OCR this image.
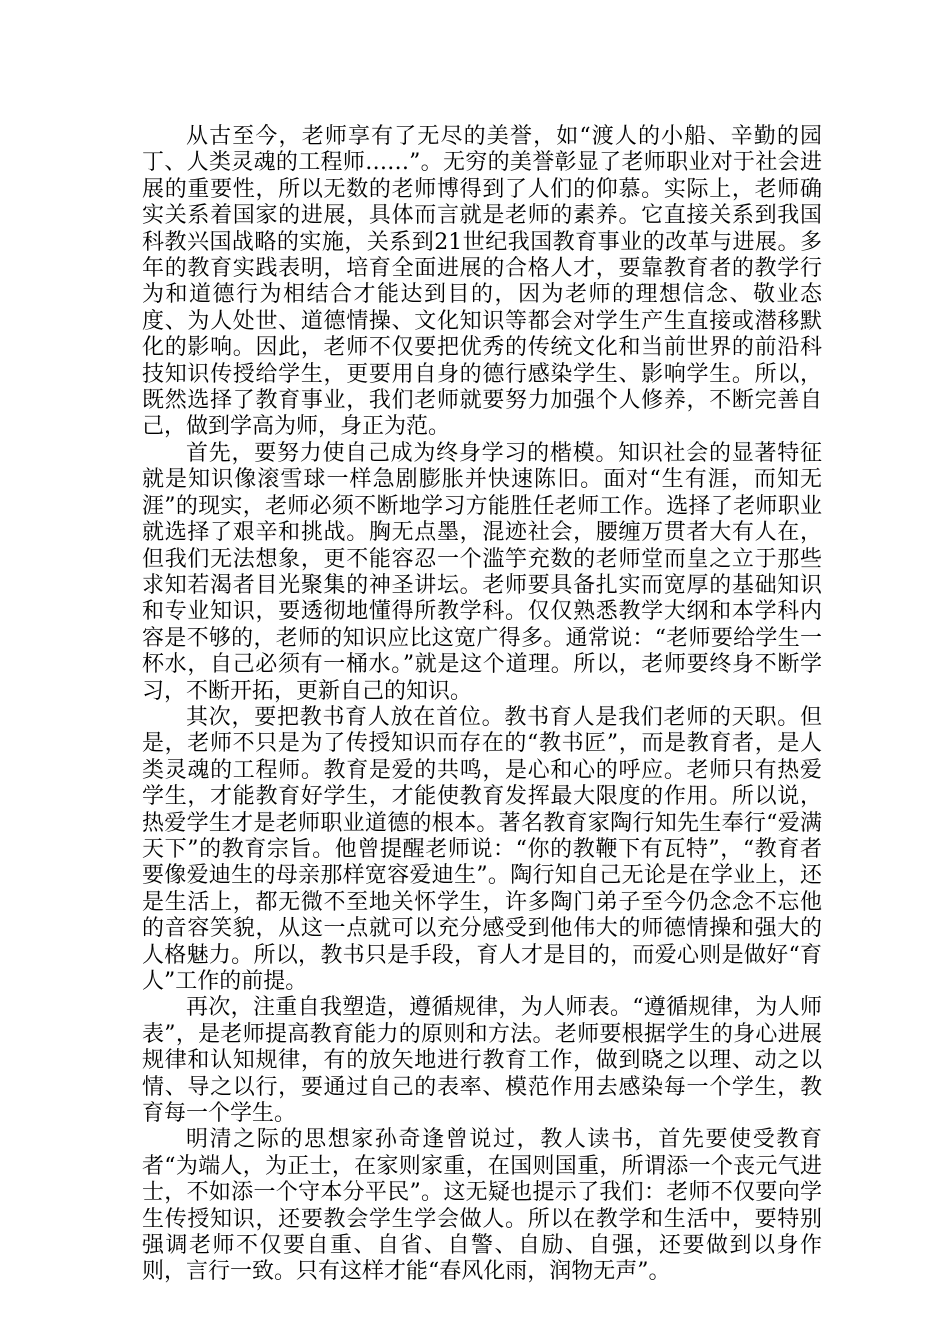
从古至今，老师享有了无尽的美誉，如“渡人的小船、辛勤的园丁、人类灵魂的工程师……”。无穷的美誉彰显了老师职业对于社会进展的重要性，所以无数的老师博得到了人们的仰慕。实际上，老师确实关系着国家的进展，具体而言就是老师的素养。它直接关系到我国科教兴国战略的实施，关系到21世纪我国教育事业的改革与进展。多年的教育实践表明，培育全面进展的合格人才，要靠教育者的教学行为和道德行为相结合才能达到目的，因为老师的理想信念、敬业态度、为人处世、道德情操、文化知识等都会对学生产生直接或潜移默化的影响。因此，老师不仅要把优秀的传统文化和当前世界的前沿科技知识传授给学生，更要用自身的德行感染学生、影响学生。所以，既然选择了教育事业，我们老师就要努力加强个人修养，不断完善自己，做到学高为师，身正为范。

首先，要努力使自己成为终身学习的楷模。知识社会的显著特征就是知识像滚雪球一样急剧膨胀并快速陈旧。面对“生有涯，而知无涯”的现实，老师必须不断地学习方能胜任老师工作。选择了老师职业就选择了艰辛和挑战。胸无点墨，混迹社会，腰缠万贯者大有人在，但我们无法想象，更不能容忍一个滥竽充数的老师堂而皇之立于那些求知若渴者目光聚集的神圣讲坛。老师要具备扎实而宽厚的基础知识和专业知识，要透彻地懂得所教学科。仅仅熟悉教学大纲和本学科内容是不够的，老师的知识应比这宽广得多。通常说：“老师要给学生一杯水，自己必须有一桶水。”就是这个道理。所以，老师要终身不断学习，不断开拓，更新自己的知识。

其次，要把教书育人放在首位。教书育人是我们老师的天职。但是，老师不只是为了传授知识而存在的“教书匠”，而是教育者，是人类灵魂的工程师。教育是爱的共鸣，是心和心的呼应。老师只有热爱学生，才能教育好学生，才能使教育发挥最大限度的作用。所以说，热爱学生才是老师职业道德的根本。著名教育家陶行知先生奉行“爱满天下”的教育宗旨。他曾提醒老师说：“你的教鞭下有瓦特”，“教育者要像爱迪生的母亲那样宽容爱迪生”。陶行知自己无论是在学业上，还是生活上，都无微不至地关怀学生，许多陶门弟子至今仍念念不忘他的音容笑貌，从这一点就可以充分感受到他伟大的师德情操和强大的人格魅力。所以，教书只是手段，育人才是目的，而爱心则是做好“育人”工作的前提。

再次，注重自我塑造，遵循规律，为人师表。“遵循规律，为人师表”，是老师提高教育能力的原则和方法。老师要根据学生的身心进展规律和认知规律，有的放矢地进行教育工作，做到晓之以理、动之以情、导之以行，要通过自己的表率、模范作用去感染每一个学生，教育每一个学生。

明清之际的思想家孙奇逢曾说过，教人读书，首先要使受教育者“为端人，为正士，在家则家重，在国则国重，所谓添一个丧元气进士，不如添一个守本分平民”。这无疑也提示了我们：老师不仅要向学生传授知识，还要教会学生学会做人。所以在教学和生活中，要特别强调老师不仅要自重、自省、自警、自励、自强，还要做到以身作则，言行一致。只有这样才能“春风化雨，润物无声”。
